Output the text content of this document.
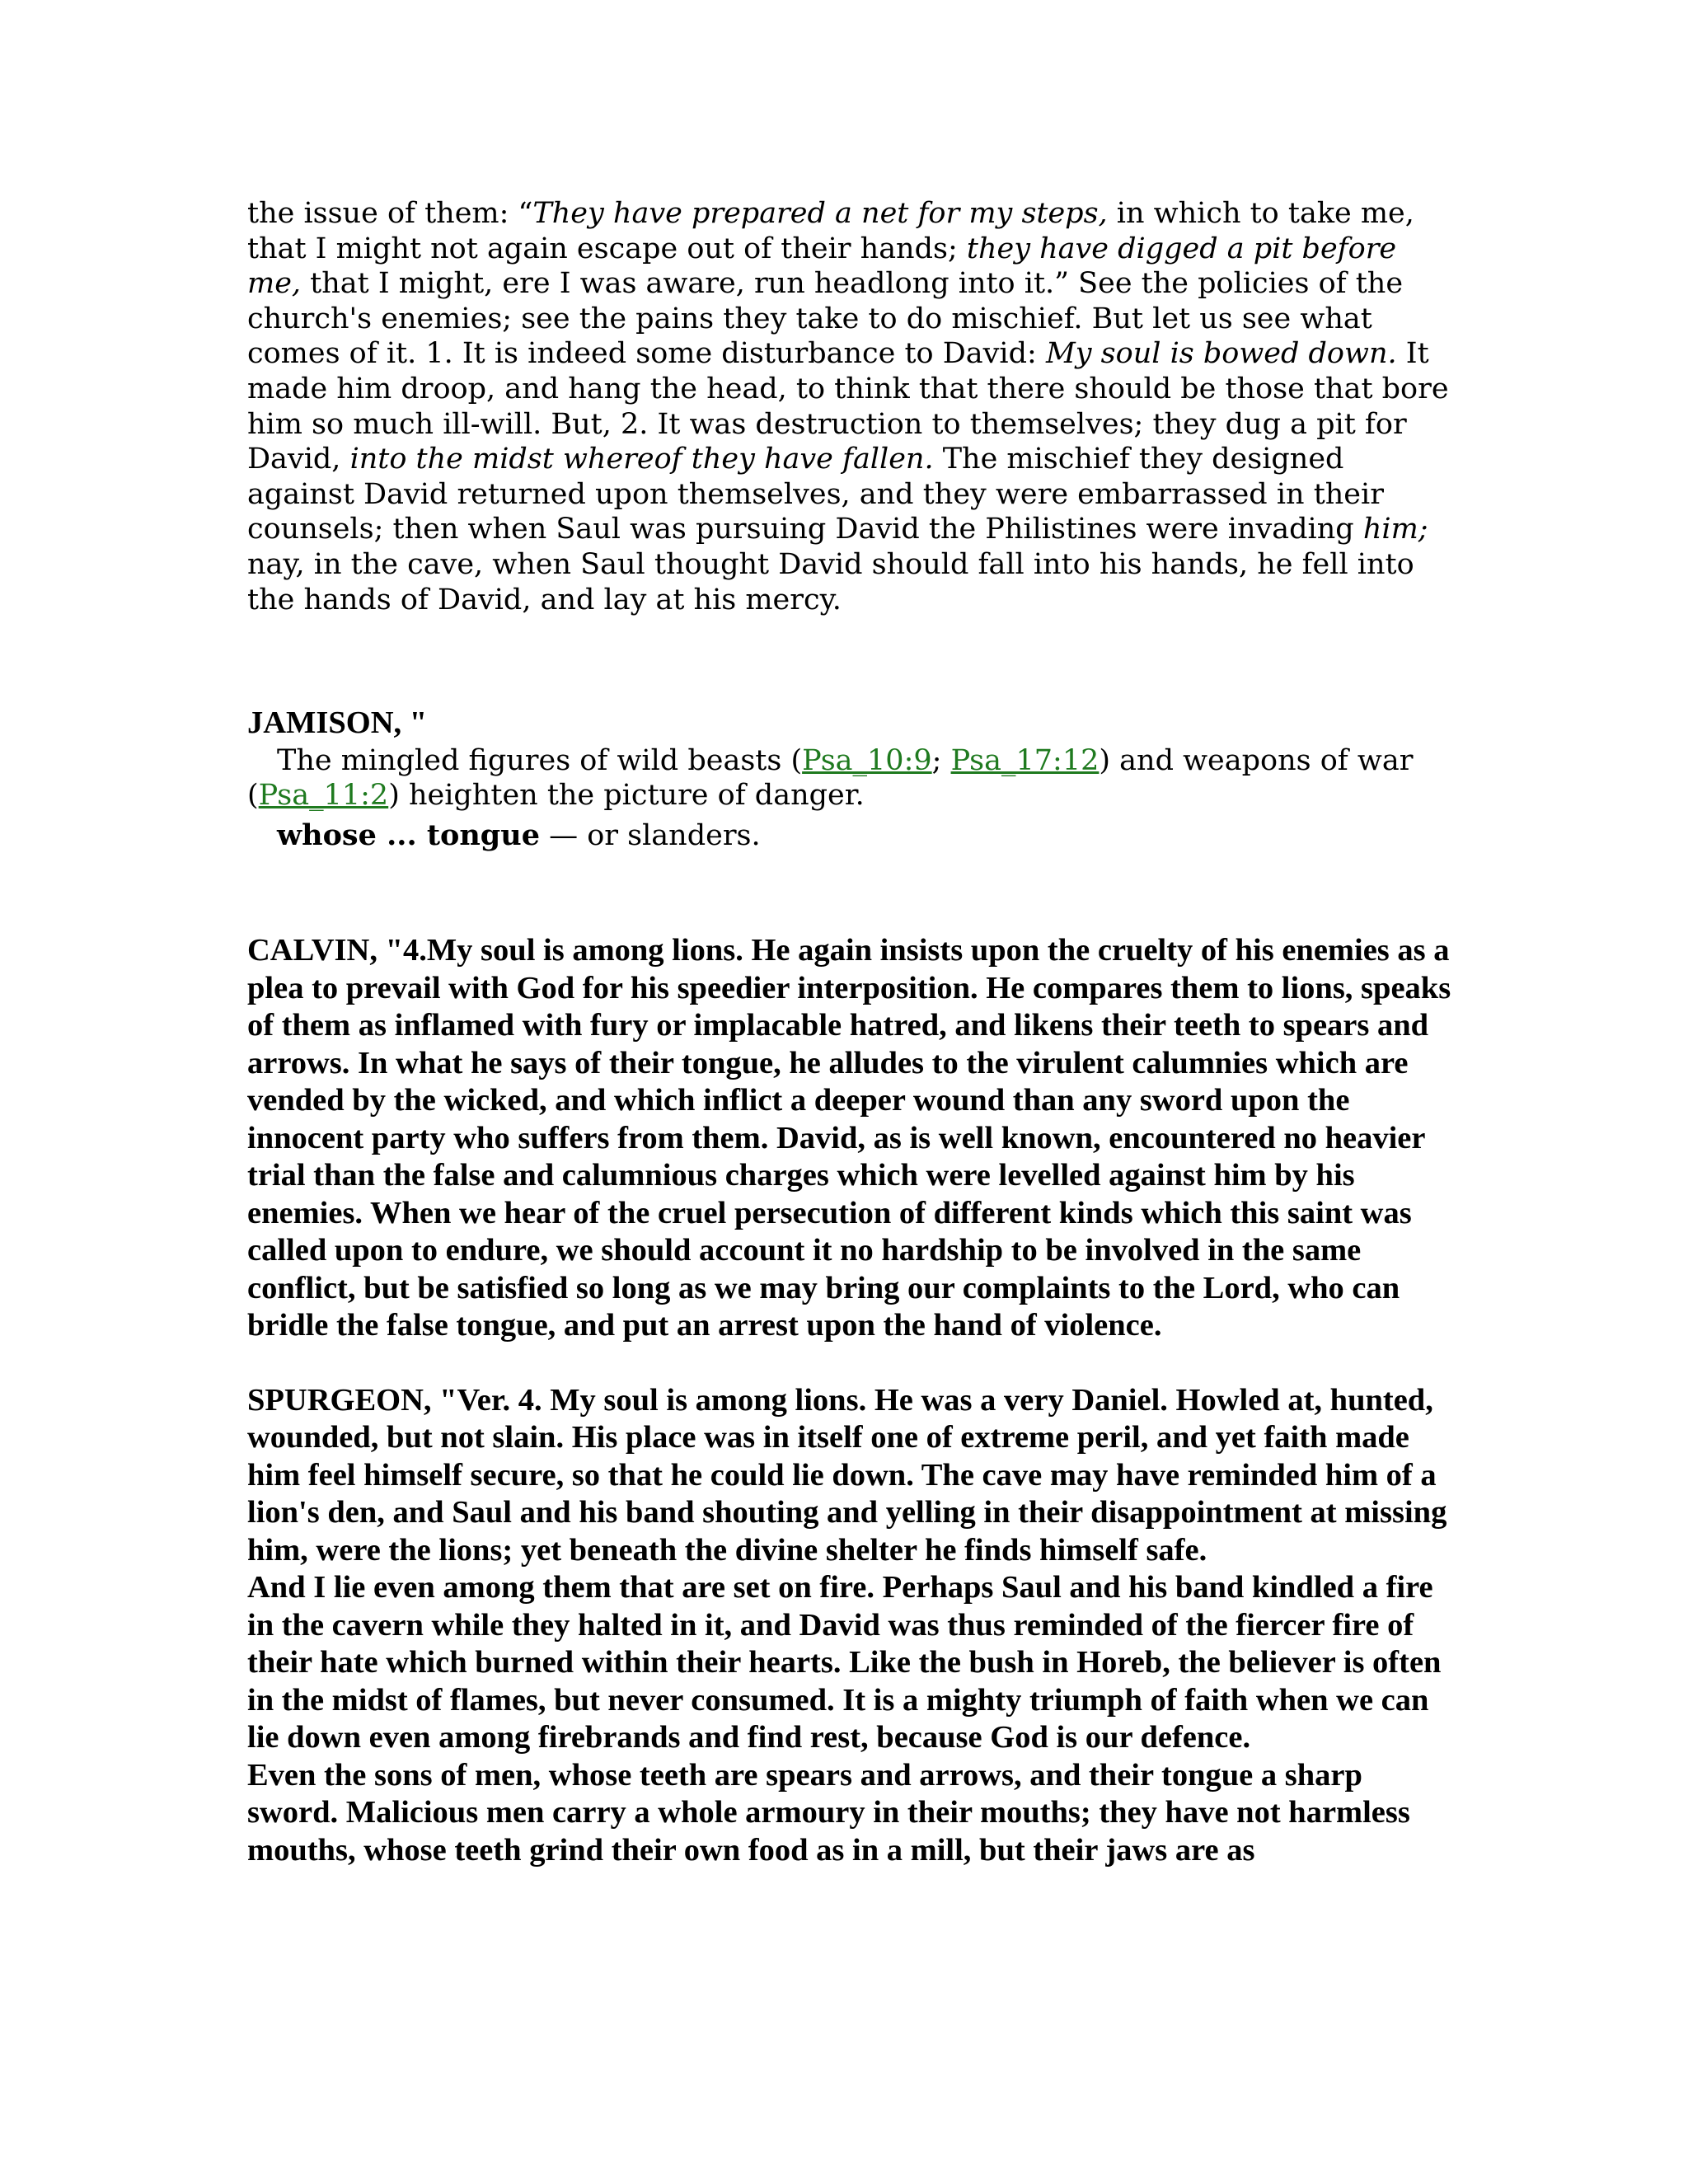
the issue of them: “They have prepared a net for my steps, in which to take me, that I might not again escape out of their hands; they have digged a pit before me, that I might, ere I was aware, run headlong into it.” See the policies of the church's enemies; see the pains they take to do mischief. But let us see what comes of it. 1. It is indeed some disturbance to David: My soul is bowed down. It made him droop, and hang the head, to think that there should be those that bore him so much ill-will. But, 2. It was destruction to themselves; they dug a pit for David, into the midst whereof they have fallen. The mischief they designed against David returned upon themselves, and they were embarrassed in their counsels; then when Saul was pursuing David the Philistines were invading him; nay, in the cave, when Saul thought David should fall into his hands, he fell into the hands of David, and lay at his mercy.

JAMISON, "

The mingled figures of wild beasts (Psa_10:9; Psa_17:12) and weapons of war (Psa_11:2) heighten the picture of danger.

whose ... tongue — or slanders.

CALVIN, "4.My soul is among lions. He again insists upon the cruelty of his enemies as a plea to prevail with God for his speedier interposition. He compares them to lions, speaks of them as inflamed with fury or implacable hatred, and likens their teeth to spears and arrows. In what he says of their tongue, he alludes to the virulent calumnies which are vended by the wicked, and which inflict a deeper wound than any sword upon the innocent party who suffers from them. David, as is well known, encountered no heavier trial than the false and calumnious charges which were levelled against him by his enemies. When we hear of the cruel persecution of different kinds which this saint was called upon to endure, we should account it no hardship to be involved in the same conflict, but be satisfied so long as we may bring our complaints to the Lord, who can bridle the false tongue, and put an arrest upon the hand of violence.

SPURGEON, "Ver. 4. My soul is among lions. He was a very Daniel. Howled at, hunted, wounded, but not slain. His place was in itself one of extreme peril, and yet faith made him feel himself secure, so that he could lie down. The cave may have reminded him of a lion's den, and Saul and his band shouting and yelling in their disappointment at missing him, were the lions; yet beneath the divine shelter he finds himself safe.

And I lie even among them that are set on fire. Perhaps Saul and his band kindled a fire in the cavern while they halted in it, and David was thus reminded of the fiercer fire of their hate which burned within their hearts. Like the bush in Horeb, the believer is often in the midst of flames, but never consumed. It is a mighty triumph of faith when we can lie down even among firebrands and find rest, because God is our defence.

Even the sons of men, whose teeth are spears and arrows, and their tongue a sharp sword. Malicious men carry a whole armoury in their mouths; they have not harmless mouths, whose teeth grind their own food as in a mill, but their jaws are as
